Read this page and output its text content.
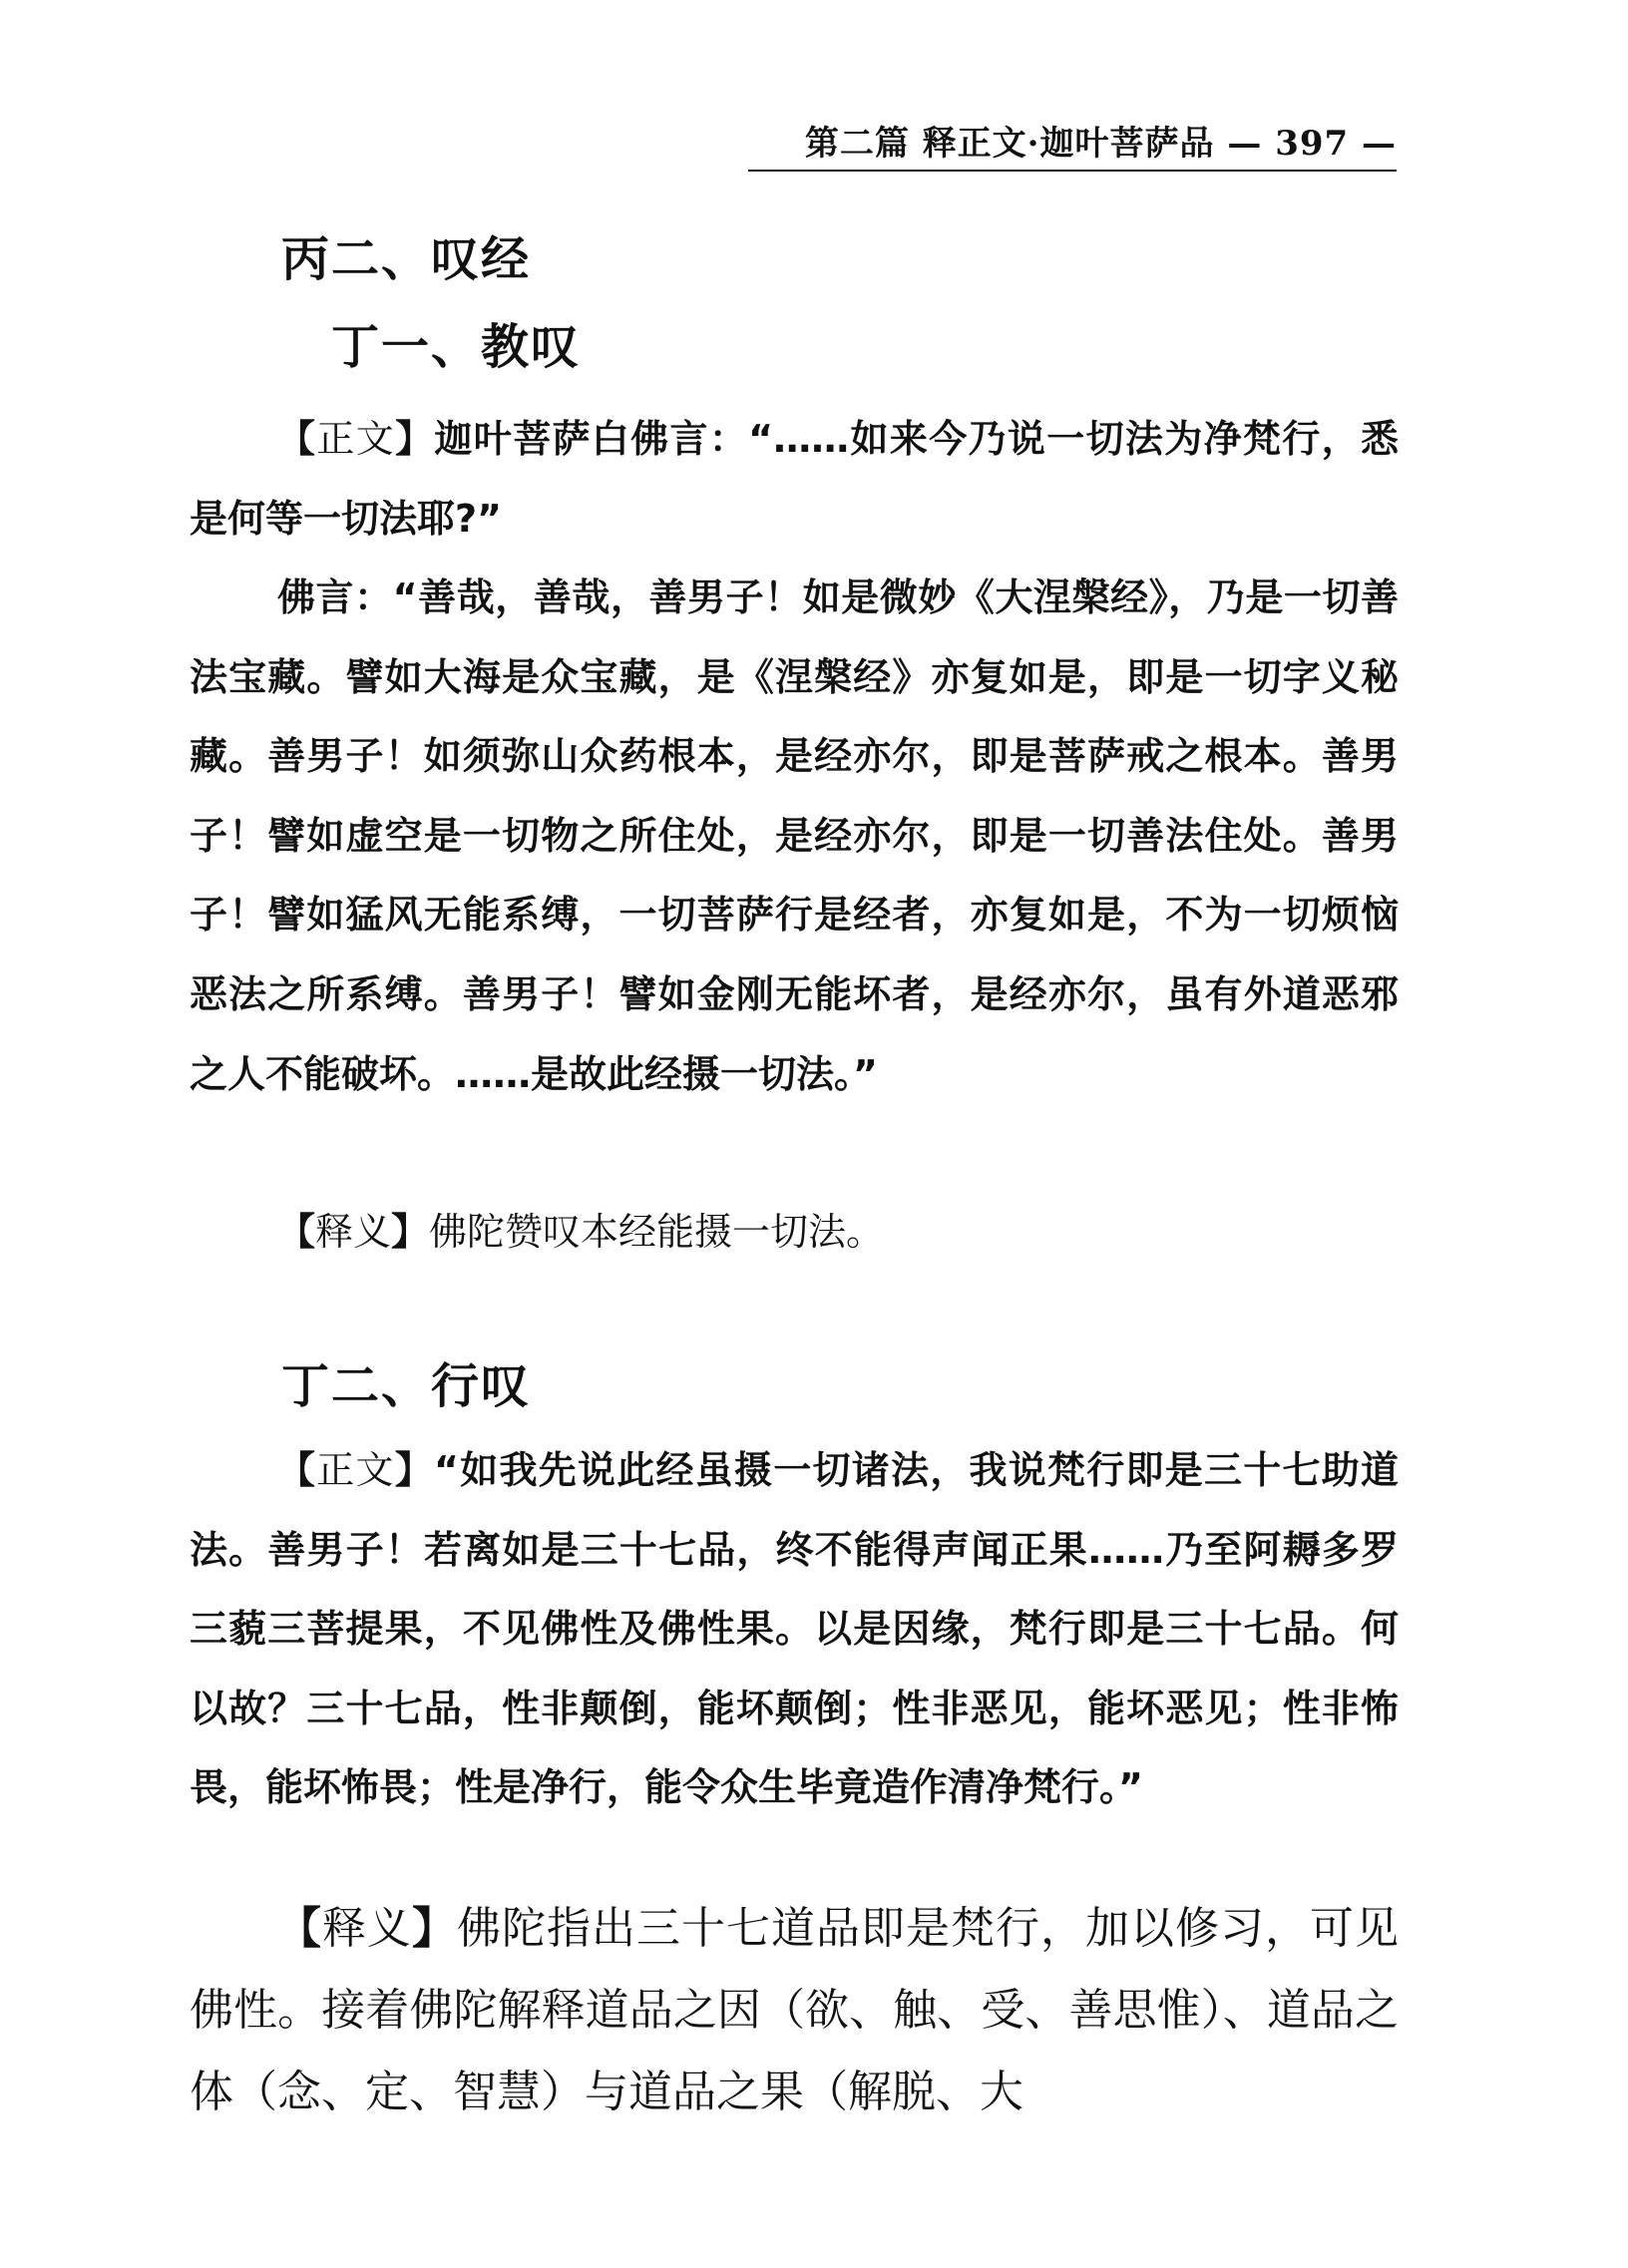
第二篇 释正文·迦叶菩萨品 — 397 —
丙二、叹经
丁一、教叹
【正文】迦叶菩萨白佛言：“……如来今乃说一切法为净梵行，悉是何等一切法耶?”
佛言：“善哉，善哉，善男子！如是微妙《大涅槃经》，乃是一切善法宝藏。譬如大海是众宝藏，是《涅槃经》亦复如是，即是一切字义秘藏。善男子！如须弥山众药根本，是经亦尔，即是菩萨戒之根本。善男子！譬如虚空是一切物之所住处，是经亦尔，即是一切善法住处。善男子！譬如猛风无能系缚，一切菩萨行是经者，亦复如是，不为一切烦恼恶法之所系缚。善男子！譬如金刚无能坏者，是经亦尔，虽有外道恶邪之人不能破坏。……是故此经摄一切法。”
【释义】佛陀赞叹本经能摄一切法。
丁二、行叹
【正文】“如我先说此经虽摄一切诸法，我说梵行即是三十七助道法。善男子！若离如是三十七品，终不能得声闻正果……乃至阿耨多罗三藐三菩提果，不见佛性及佛性果。以是因缘，梵行即是三十七品。何以故？三十七品，性非颠倒，能坏颠倒；性非恶见，能坏恶见；性非怖畏，能坏怖畏；性是净行，能令众生毕竟造作清净梵行。”
【释义】佛陀指出三十七道品即是梵行，加以修习，可见佛性。接着佛陀解释道品之因（欲、触、受、善思惟）、道品之体（念、定、智慧）与道品之果（解脱、大
